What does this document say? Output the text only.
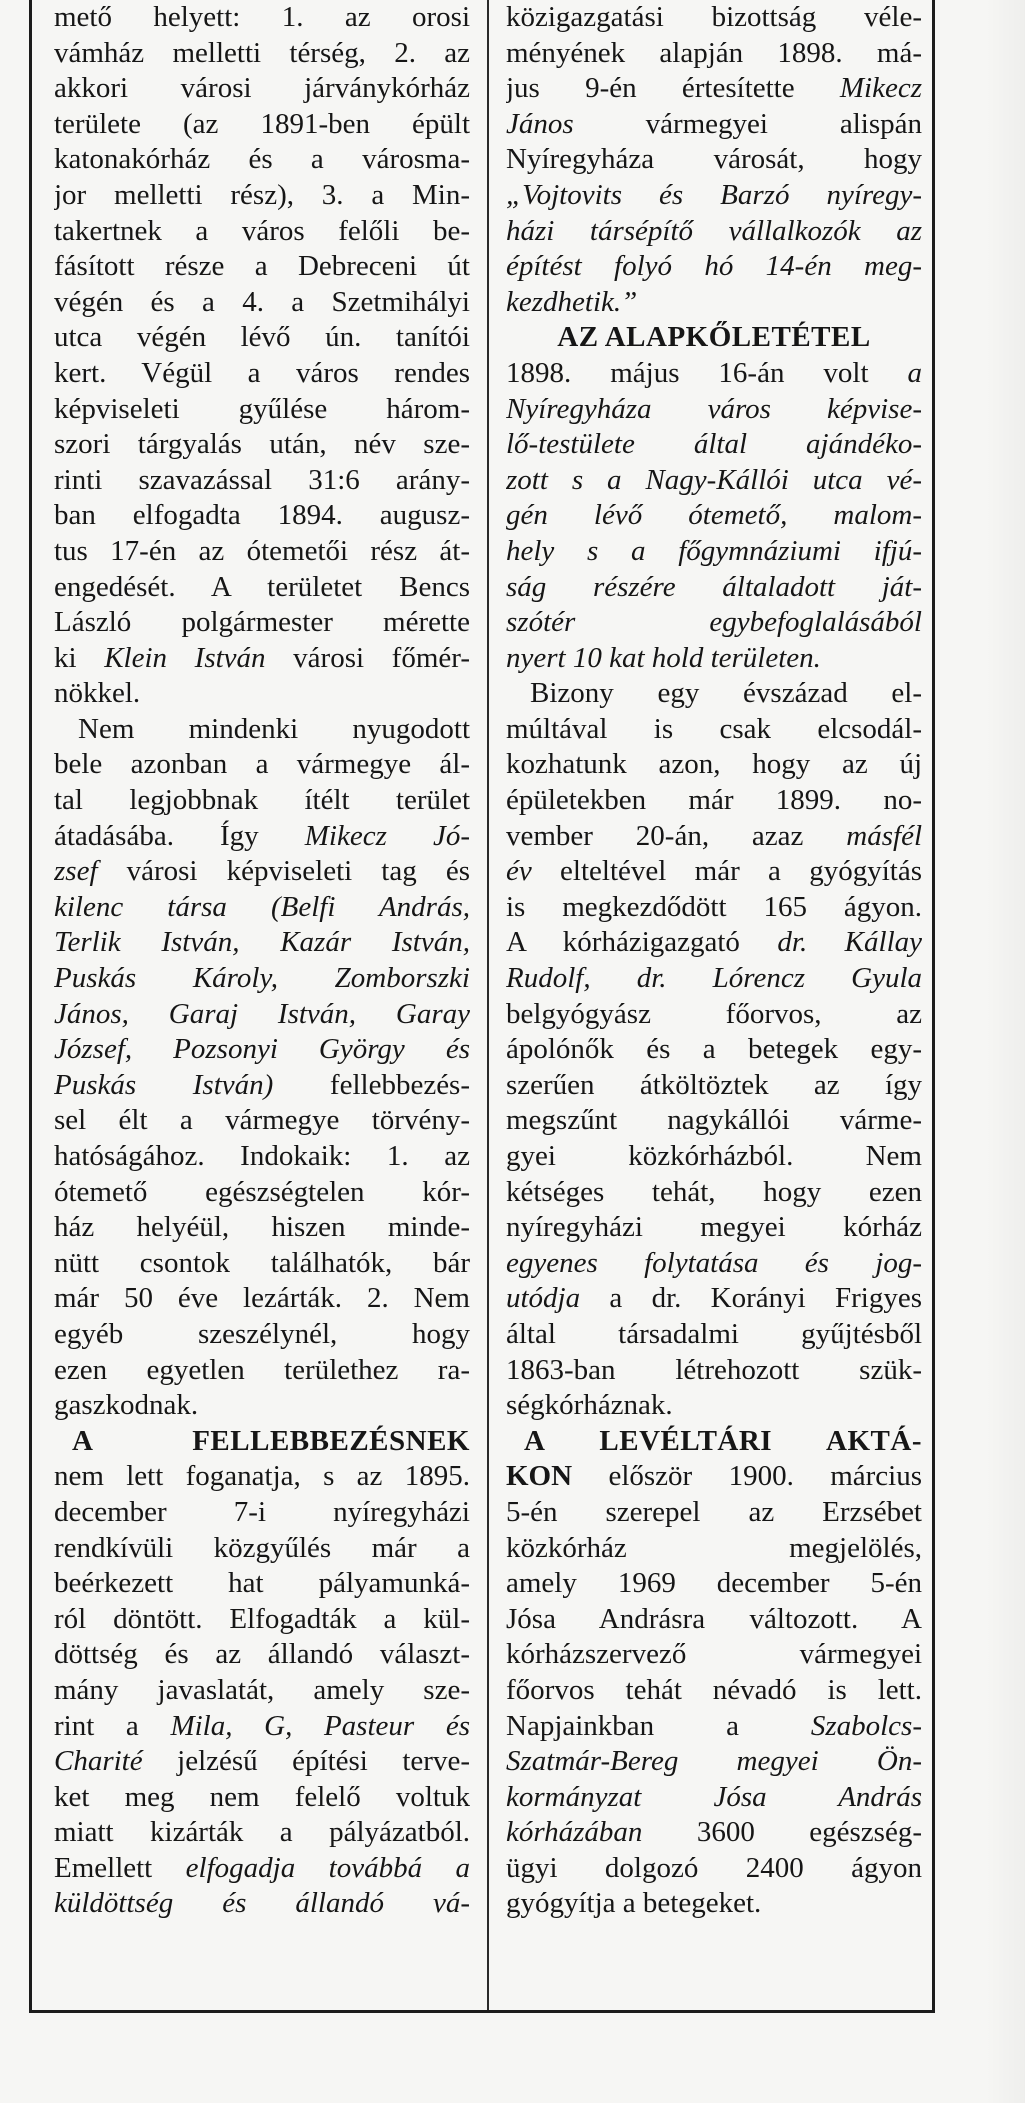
mető helyett: 1. az orosi

vámház melletti térség, 2. az

akkori városi járványkórház

területe (az 1891-ben épült

katonakórház és a városma-

jor melletti rész), 3. a Min-

takertnek a város felőli be-

fásított része a Debreceni út

végén és a 4. a Szetmihályi

utca végén lévő ún. tanítói

kert. Végül a város rendes

képviseleti gyűlése három-

szori tárgyalás után, név sze-

rinti szavazással 31:6 arány-

ban elfogadta 1894. augusz-

tus 17-én az ótemetői rész át-

engedését. A területet Bencs

László polgármester mérette

ki Klein István városi főmér-

nökkel.

Nem mindenki nyugodott

bele azonban a vármegye ál-

tal legjobbnak ítélt terület

átadásába. Így Mikecz Jó-

zsef városi képviseleti tag és

kilenc társa (Belfi András,

Terlik István, Kazár István,

Puskás Károly, Zomborszki

János, Garaj István, Garay

József, Pozsonyi György és

Puskás István) fellebbezés-

sel élt a vármegye törvény-

hatóságához. Indokaik: 1. az

ótemető egészségtelen kór-

ház helyéül, hiszen minde-

nütt csontok találhatók, bár

már 50 éve lezárták. 2. Nem

egyéb szeszélynél, hogy

ezen egyetlen területhez ra-

gaszkodnak.

A FELLEBBEZÉSNEK

nem lett foganatja, s az 1895.

december 7-i nyíregyházi

rendkívüli közgyűlés már a

beérkezett hat pályamunká-

ról döntött. Elfogadták a kül-

döttség és az állandó választ-

mány javaslatát, amely sze-

rint a Mila, G, Pasteur és

Charité jelzésű építési terve-

ket meg nem felelő voltuk

miatt kizárták a pályázatból.

Emellett elfogadja továbbá a

küldöttség és állandó vá-

közigazgatási bizottság véle-

ményének alapján 1898. má-

jus 9-én értesítette Mikecz

János vármegyei alispán

Nyíregyháza városát, hogy

„Vojtovits és Barzó nyíregy-

házi társépítő vállalkozók az

építést folyó hó 14-én meg-

kezdhetik.”

AZ ALAPKŐLETÉTEL

1898. május 16-án volt a

Nyíregyháza város képvise-

lő-testülete által ajándéko-

zott s a Nagy-Kállói utca vé-

gén lévő ótemető, malom-

hely s a főgymnáziumi ifjú-

ság részére általadott ját-

szótér egybefoglalásából

nyert 10 kat hold területen.

Bizony egy évszázad el-

múltával is csak elcsodál-

kozhatunk azon, hogy az új

épületekben már 1899. no-

vember 20-án, azaz másfél

év elteltével már a gyógyítás

is megkezdődött 165 ágyon.

A kórházigazgató dr. Kállay

Rudolf, dr. Lórencz Gyula

belgyógyász főorvos, az

ápolónők és a betegek egy-

szerűen átköltöztek az így

megszűnt nagykállói várme-

gyei közkórházból. Nem

kétséges tehát, hogy ezen

nyíregyházi megyei kórház

egyenes folytatása és jog-

utódja a dr. Korányi Frigyes

által társadalmi gyűjtésből

1863-ban létrehozott szük-

ségkórháznak.

A LEVÉLTÁRI AKTÁ-

KON először 1900. március

5-én szerepel az Erzsébet

közkórház megjelölés,

amely 1969 december 5-én

Jósa Andrásra változott. A

kórházszervező vármegyei

főorvos tehát névadó is lett.

Napjainkban a Szabolcs-

Szatmár-Bereg megyei Ön-

kormányzat Jósa András

kórházában 3600 egészség-

ügyi dolgozó 2400 ágyon

gyógyítja a betegeket.
